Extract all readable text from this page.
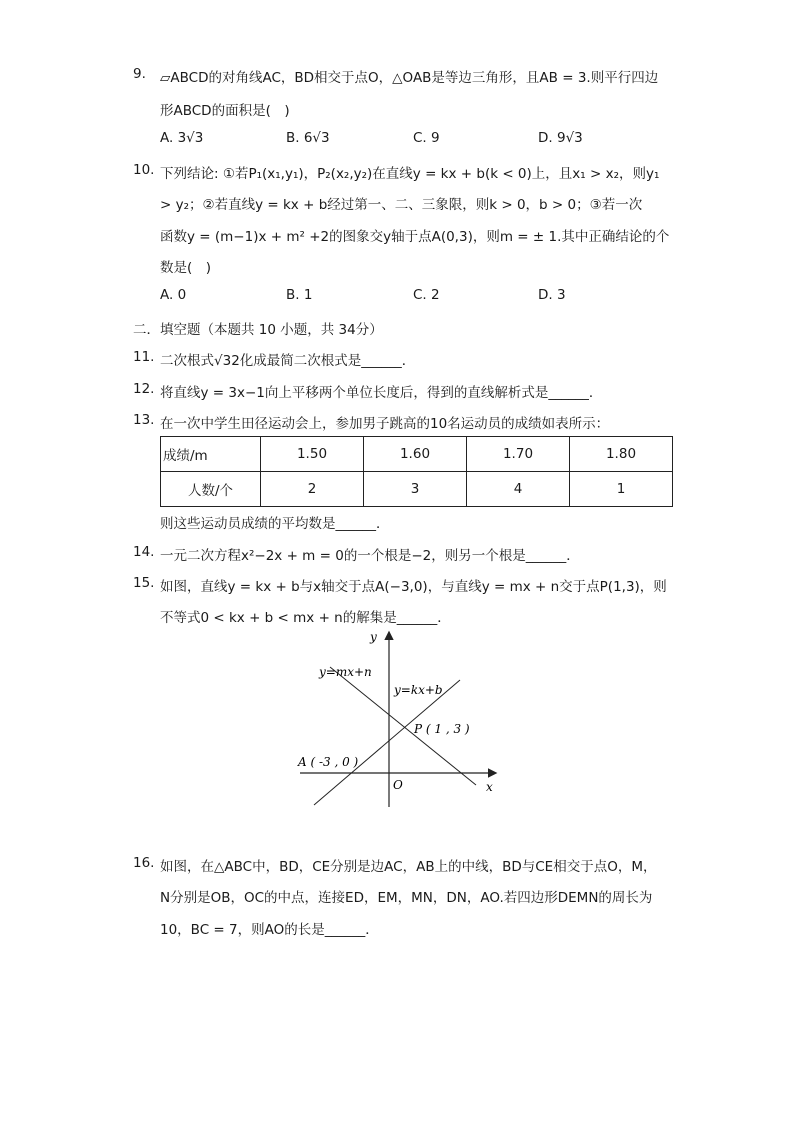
9.	▱ABCD的对角线AC，BD相交于点O，△OAB是等边三角形，且AB = 3.则平行四边
形ABCD的面积是(　)
A. 3√3	B. 6√3	C. 9	D. 9√3
10. 下列结论: ①若P₁(x₁,y₁)，P₂(x₂,y₂)在直线y = kx + b(k < 0)上，且x₁ > x₂，则y₁
> y₂；②若直线y = kx + b经过第一、二、三象限，则k > 0，b > 0；③若一次
函数y = (m−1)x + m² +2的图象交y轴于点A(0,3)，则m = ± 1.其中正确结论的个
数是(　)
A. 0	B. 1	C. 2	D. 3
二．填空题（本题共 10 小题，共 34分）
11. 二次根式√32化成最简二次根式是______．
12. 将直线y = 3x−1向上平移两个单位长度后，得到的直线解析式是______．
13. 在一次中学生田径运动会上，参加男子跳高的10名运动员的成绩如表所示：
成绩/m	1.50	1.60	1.70	1.80
人数/个	2	3	4	1
则这些运动员成绩的平均数是______．
14. 一元二次方程x²−2x + m = 0的一个根是−2，则另一个根是______．
15. 如图，直线y = kx + b与x轴交于点A(−3,0)，与直线y = mx + n交于点P(1,3)，则
不等式0 < kx + b < mx + n的解集是______．
y
x
O
y=mx+n
y=kx+b
P ( 1 , 3 )
A ( -3 , 0 )
16. 如图，在△ABC中，BD，CE分别是边AC，AB上的中线，BD与CE相交于点O，M，
N分别是OB，OC的中点，连接ED，EM，MN，DN，AO.若四边形DEMN的周长为
10，BC = 7，则AO的长是______．
